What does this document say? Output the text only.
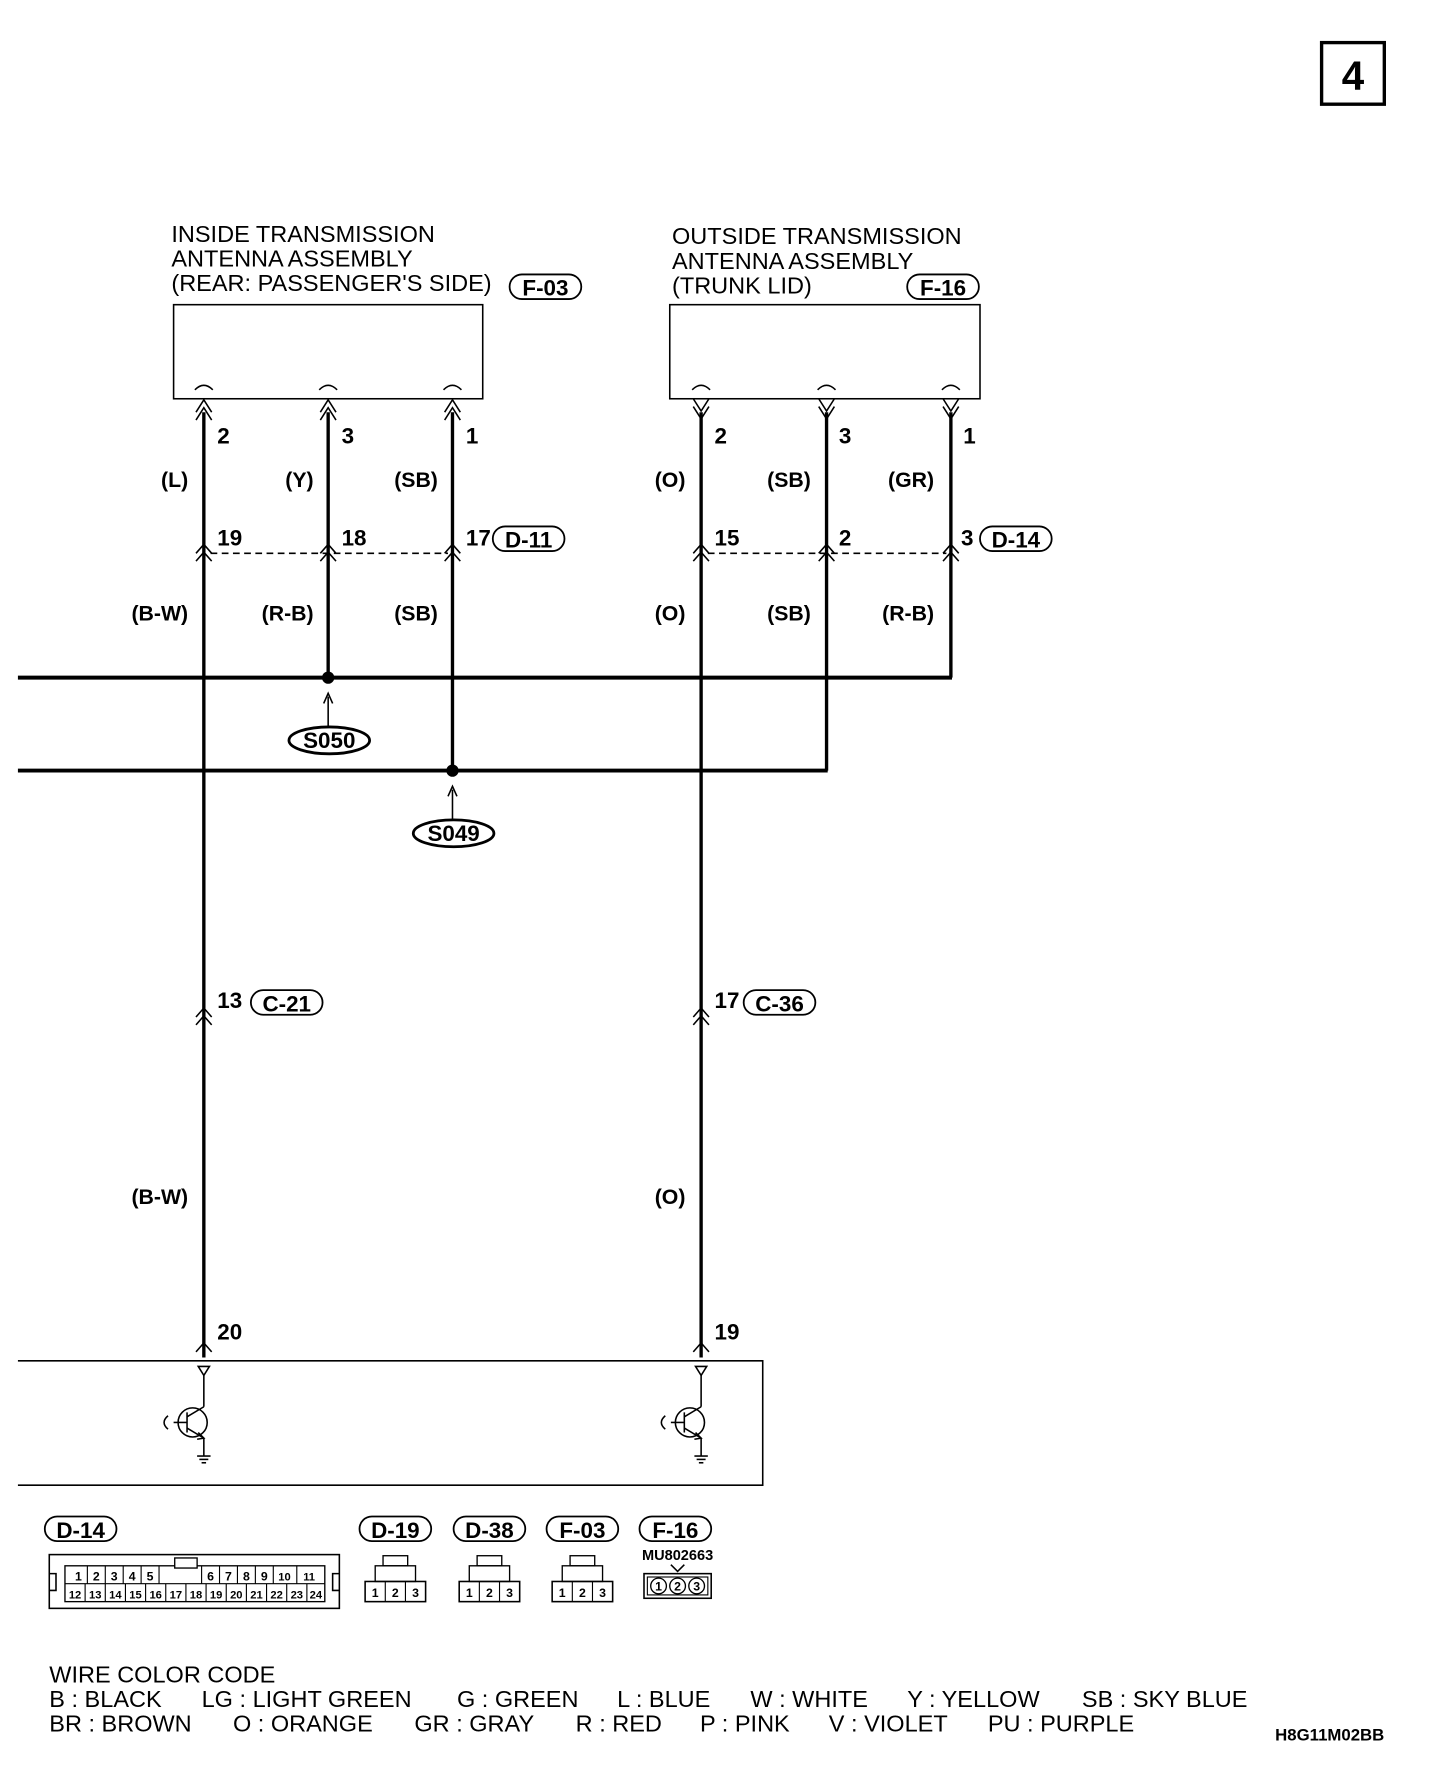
4
INSIDE TRANSMISSION
ANTENNA ASSEMBLY
(REAR: PASSENGER'S SIDE) F-03
OUTSIDE TRANSMISSION
ANTENNA ASSEMBLY
(TRUNK LID)	F-16
S050
S049
2	3	1
(L)	(Y)	(SB)
19	18	17 D-11
(B-W)	(R-B)	(SB)
2	3	1
(O)	(SB)	(GR)
15	2	3 D-14
(O)	(SB)	(R-B)
13 C-21	17 C-36
(B-W)	(O)
20	19
D-14
1 2 3 4 5	6 7 8 9 10 11
12 13 14 15 16 17 18 19 20 21 22 23 24
D-19
1 2 3
D-38
1 2 3
F-03
1 2 3
F-16
MU802663
1 2 3
WIRE COLOR CODE
B : BLACK LG : LIGHT GREEN G : GREEN L : BLUE W : WHITE Y : YELLOW SB : SKY BLUE
BR : BROWN O : ORANGE GR : GRAY R : RED P : PINK V : VIOLET PU : PURPLE	H8G11M02BB
